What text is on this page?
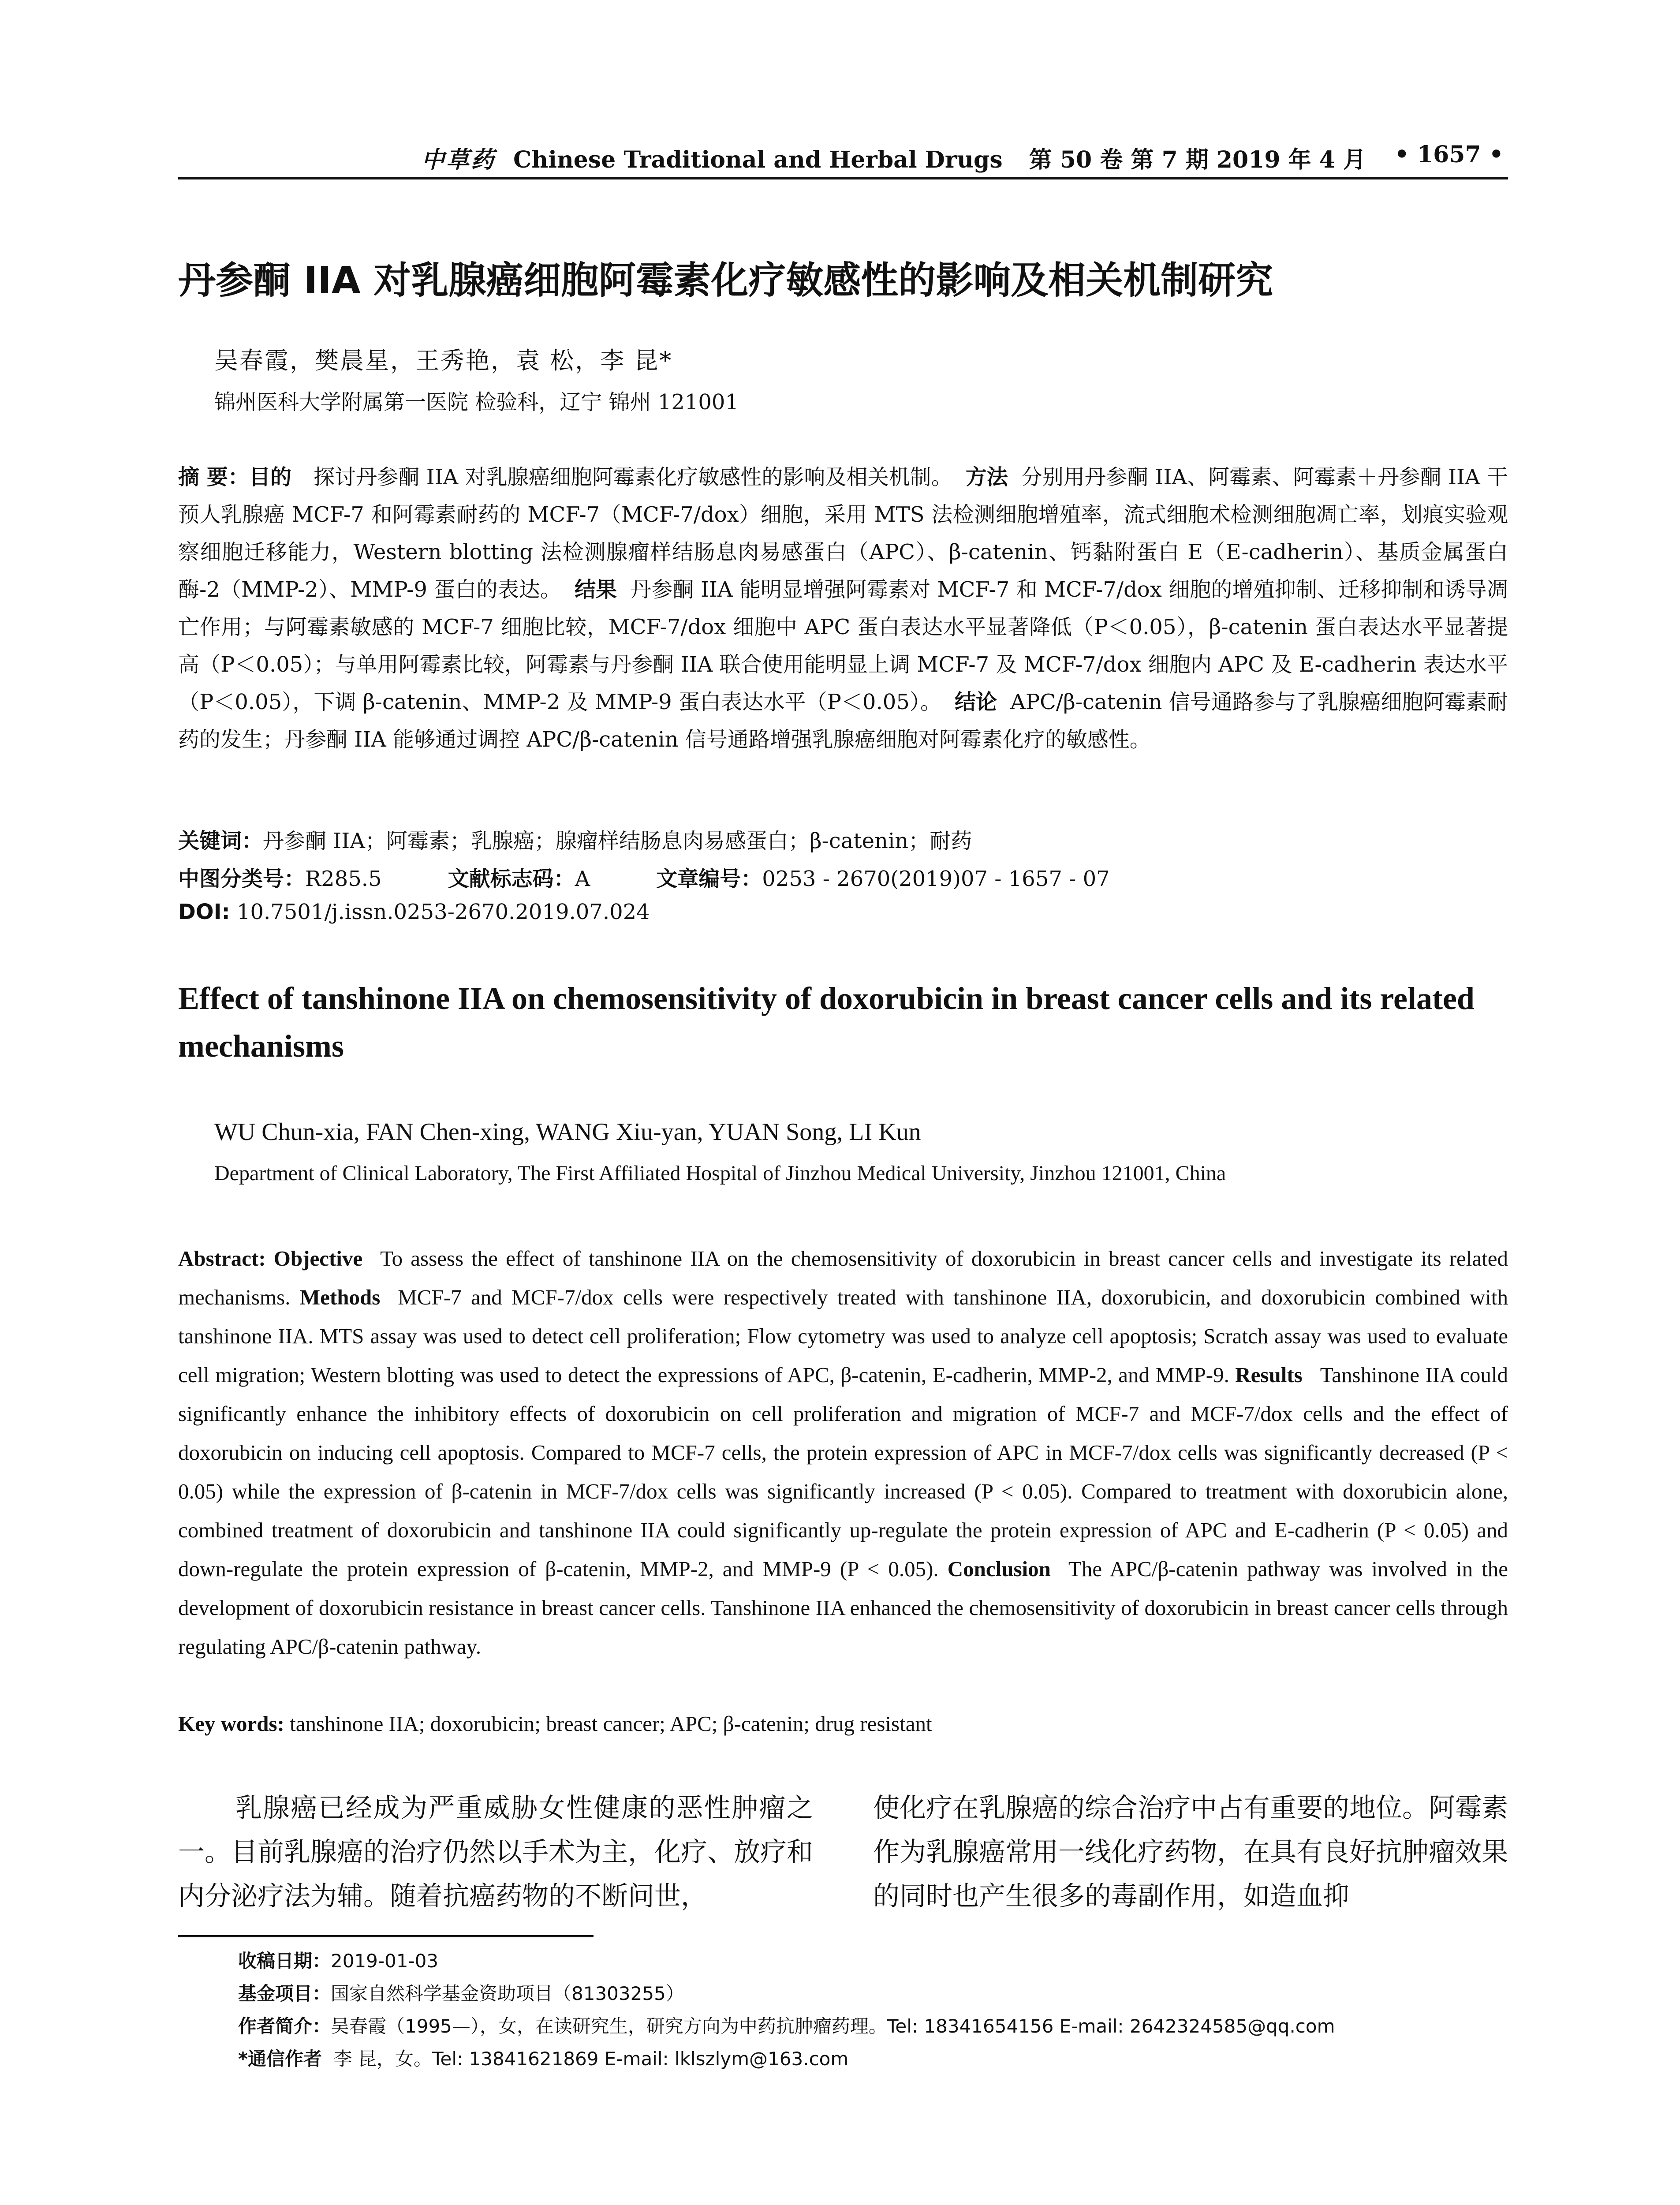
中草药 Chinese Traditional and Herbal Drugs 第 50 卷 第 7 期 2019 年 4 月 • 1657 •
丹参酮 IIA 对乳腺癌细胞阿霉素化疗敏感性的影响及相关机制研究
吴春霞，樊晨星，王秀艳，袁 松，李 昆*
锦州医科大学附属第一医院 检验科，辽宁 锦州 121001
摘 要：目的 探讨丹参酮 IIA 对乳腺癌细胞阿霉素化疗敏感性的影响及相关机制。 方法 分别用丹参酮 IIA、阿霉素、阿霉素＋丹参酮 IIA 干预人乳腺癌 MCF-7 和阿霉素耐药的 MCF-7（MCF-7/dox）细胞，采用 MTS 法检测细胞增殖率，流式细胞术检测细胞凋亡率，划痕实验观察细胞迁移能力，Western blotting 法检测腺瘤样结肠息肉易感蛋白（APC）、β-catenin、钙黏附蛋白 E（E-cadherin）、基质金属蛋白酶-2（MMP-2）、MMP-9 蛋白的表达。 结果 丹参酮 IIA 能明显增强阿霉素对 MCF-7 和 MCF-7/dox 细胞的增殖抑制、迁移抑制和诱导凋亡作用；与阿霉素敏感的 MCF-7 细胞比较，MCF-7/dox 细胞中 APC 蛋白表达水平显著降低（P＜0.05），β-catenin 蛋白表达水平显著提高（P＜0.05）；与单用阿霉素比较，阿霉素与丹参酮 IIA 联合使用能明显上调 MCF-7 及 MCF-7/dox 细胞内 APC 及 E-cadherin 表达水平（P＜0.05），下调 β-catenin、MMP-2 及 MMP-9 蛋白表达水平（P＜0.05）。 结论 APC/β-catenin 信号通路参与了乳腺癌细胞阿霉素耐药的发生；丹参酮 IIA 能够通过调控 APC/β-catenin 信号通路增强乳腺癌细胞对阿霉素化疗的敏感性。
关键词：丹参酮 IIA；阿霉素；乳腺癌；腺瘤样结肠息肉易感蛋白；β-catenin；耐药
中图分类号：R285.5	文献标志码：A	文章编号：0253 - 2670(2019)07 - 1657 - 07
DOI: 10.7501/j.issn.0253-2670.2019.07.024
Effect of tanshinone IIA on chemosensitivity of doxorubicin in breast cancer cells and its related mechanisms
WU Chun-xia, FAN Chen-xing, WANG Xiu-yan, YUAN Song, LI Kun
Department of Clinical Laboratory, The First Affiliated Hospital of Jinzhou Medical University, Jinzhou 121001, China
Abstract: Objective To assess the effect of tanshinone IIA on the chemosensitivity of doxorubicin in breast cancer cells and investigate its related mechanisms. Methods MCF-7 and MCF-7/dox cells were respectively treated with tanshinone IIA, doxorubicin, and doxorubicin combined with tanshinone IIA. MTS assay was used to detect cell proliferation; Flow cytometry was used to analyze cell apoptosis; Scratch assay was used to evaluate cell migration; Western blotting was used to detect the expressions of APC, β-catenin, E-cadherin, MMP-2, and MMP-9. Results Tanshinone IIA could significantly enhance the inhibitory effects of doxorubicin on cell proliferation and migration of MCF-7 and MCF-7/dox cells and the effect of doxorubicin on inducing cell apoptosis. Compared to MCF-7 cells, the protein expression of APC in MCF-7/dox cells was significantly decreased (P < 0.05) while the expression of β-catenin in MCF-7/dox cells was significantly increased (P < 0.05). Compared to treatment with doxorubicin alone, combined treatment of doxorubicin and tanshinone IIA could significantly up-regulate the protein expression of APC and E-cadherin (P < 0.05) and down-regulate the protein expression of β-catenin, MMP-2, and MMP-9 (P < 0.05). Conclusion The APC/β-catenin pathway was involved in the development of doxorubicin resistance in breast cancer cells. Tanshinone IIA enhanced the chemosensitivity of doxorubicin in breast cancer cells through regulating APC/β-catenin pathway.
Key words: tanshinone IIA; doxorubicin; breast cancer; APC; β-catenin; drug resistant
乳腺癌已经成为严重威胁女性健康的恶性肿瘤之一。目前乳腺癌的治疗仍然以手术为主，化疗、放疗和内分泌疗法为辅。随着抗癌药物的不断问世，
使化疗在乳腺癌的综合治疗中占有重要的地位。阿霉素作为乳腺癌常用一线化疗药物，在具有良好抗肿瘤效果的同时也产生很多的毒副作用，如造血抑
收稿日期：2019-01-03
基金项目：国家自然科学基金资助项目（81303255）
作者简介：吴春霞（1995—），女，在读研究生，研究方向为中药抗肿瘤药理。Tel: 18341654156 E-mail: 2642324585@qq.com
*通信作者 李 昆，女。Tel: 13841621869 E-mail: lklszlym@163.com
